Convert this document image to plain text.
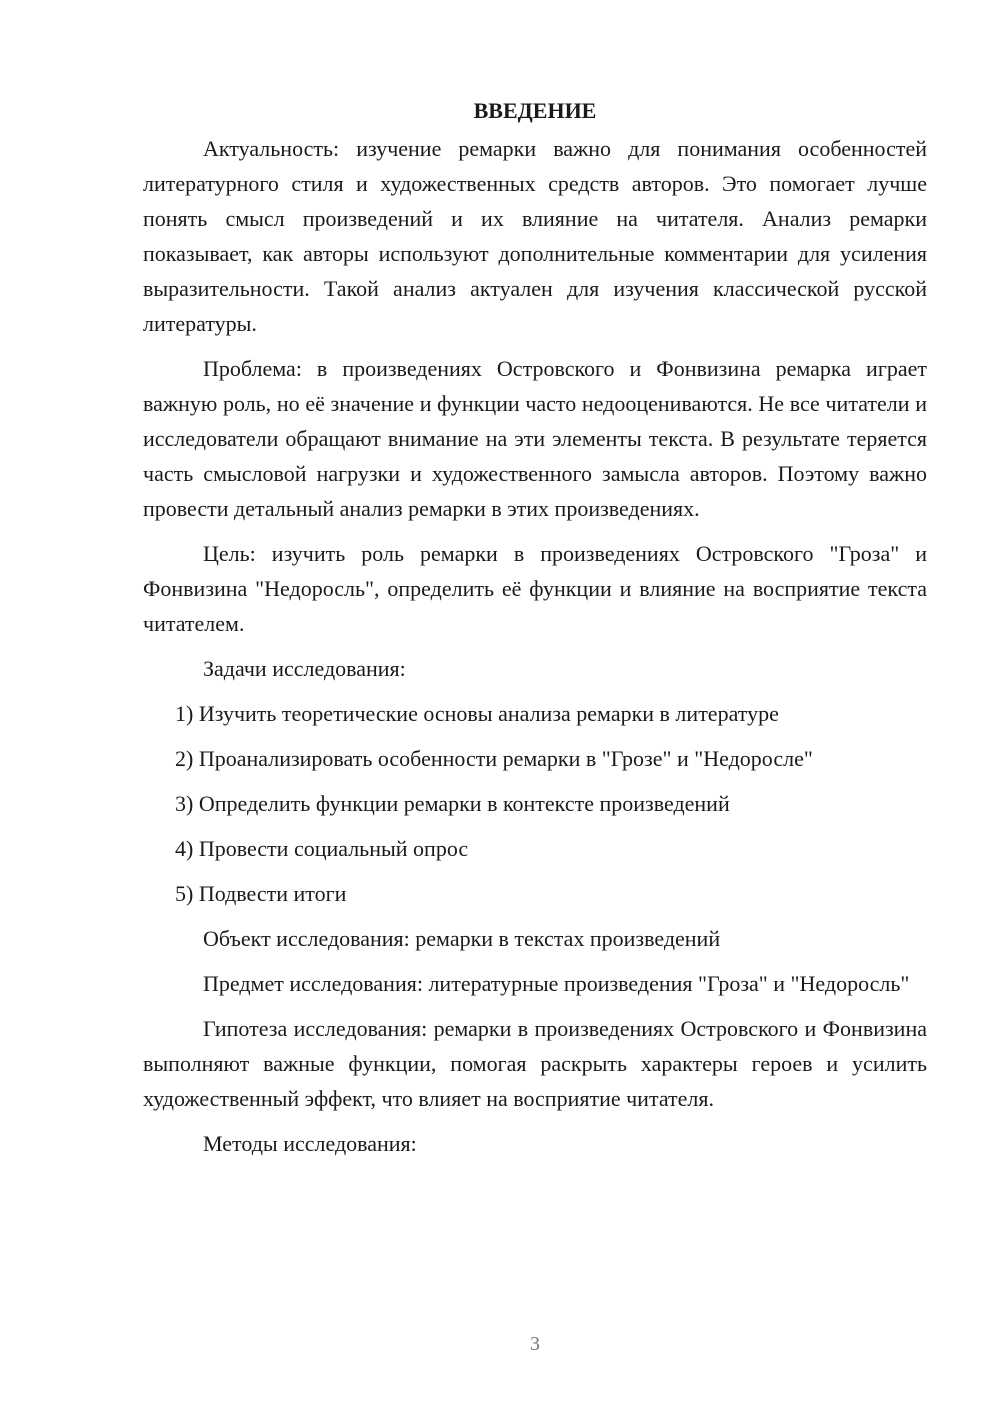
ВВЕДЕНИЕ

Актуальность: изучение ремарки важно для понимания особенностей литературного стиля и художественных средств авторов. Это помогает лучше понять смысл произведений и их влияние на читателя. Анализ ремарки показывает, как авторы используют дополнительные комментарии для усиления выразительности. Такой анализ актуален для изучения классической русской литературы.

Проблема: в произведениях Островского и Фонвизина ремарка играет важную роль, но её значение и функции часто недооцениваются. Не все читатели и исследователи обращают внимание на эти элементы текста. В результате теряется часть смысловой нагрузки и художественного замысла авторов. Поэтому важно провести детальный анализ ремарки в этих произведениях.

Цель: изучить роль ремарки в произведениях Островского "Гроза" и Фонвизина "Недоросль", определить её функции и влияние на восприятие текста читателем.

Задачи исследования:

1) Изучить теоретические основы анализа ремарки в литературе
2) Проанализировать особенности ремарки в "Грозе" и "Недоросле"
3) Определить функции ремарки в контексте произведений
4) Провести социальный опрос
5) Подвести итоги

Объект исследования: ремарки в текстах произведений

Предмет исследования: литературные произведения "Гроза" и "Недоросль"

Гипотеза исследования: ремарки в произведениях Островского и Фонвизина выполняют важные функции, помогая раскрыть характеры героев и усилить художественный эффект, что влияет на восприятие читателя.

Методы исследования:

3
